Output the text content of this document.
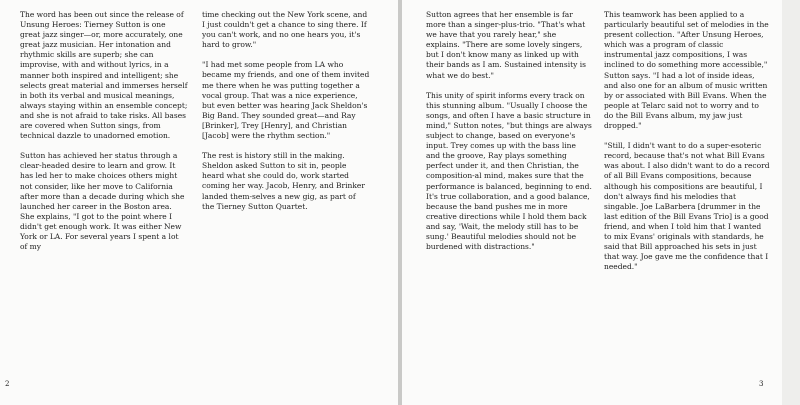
The word has been out since the release of Unsung Heroes: Tierney Sutton is one great jazz singer—or, more accurately, one great jazz musician. Her intonation and rhythmic skills are superb; she can improvise, with and without lyrics, in a manner both inspired and intelligent; she selects great material and immerses herself in both its verbal and musical meanings, always staying within an ensemble concept; and she is not afraid to take risks. All bases are covered when Sutton sings, from technical dazzle to unadorned emotion.

Sutton has achieved her status through a clear-headed desire to learn and grow. It has led her to make choices others might not consider, like her move to California after more than a decade during which she launched her career in the Boston area. She explains, "I got to the point where I didn't get enough work. It was either New York or LA. For several years I spent a lot of my

time checking out the New York scene, and I just couldn't get a chance to sing there. If you can't work, and no one hears you, it's hard to grow."

"I had met some people from LA who became my friends, and one of them invited me there when he was putting together a vocal group. That was a nice experience, but even better was hearing Jack Sheldon's Big Band. They sounded great—and Ray [Brinker], Trey [Henry], and Christian [Jacob] were the rhythm section."

The rest is history still in the making. Sheldon asked Sutton to sit in, people heard what she could do, work started coming her way. Jacob, Henry, and Brinker landed them-selves a new gig, as part of the Tierney Sutton Quartet.

2

Sutton agrees that her ensemble is far more than a singer-plus-trio. "That's what we have that you rarely hear," she explains. "There are some lovely singers, but I don't know many as linked up with their bands as I am. Sustained intensity is what we do best."

This unity of spirit informs every track on this stunning album. "Usually I choose the songs, and often I have a basic structure in mind," Sutton notes, "but things are always subject to change, based on everyone's input. Trey comes up with the bass line and the groove, Ray plays something perfect under it, and then Christian, the composition-al mind, makes sure that the performance is balanced, beginning to end. It's true collaboration, and a good balance, because the band pushes me in more creative directions while I hold them back and say, 'Wait, the melody still has to be sung.' Beautiful melodies should not be burdened with distractions."

This teamwork has been applied to a particularly beautiful set of melodies in the present collection. "After Unsung Heroes, which was a program of classic instrumental jazz compositions, I was inclined to do something more accessible," Sutton says. "I had a lot of inside ideas, and also one for an album of music written by or associated with Bill Evans. When the people at Telarc said not to worry and to do the Bill Evans album, my jaw just dropped."

"Still, I didn't want to do a super-esoteric record, because that's not what Bill Evans was about. I also didn't want to do a record of all Bill Evans compositions, because although his compositions are beautiful, I don't always find his melodies that singable. Joe LaBarbera [drummer in the last edition of the Bill Evans Trio] is a good friend, and when I told him that I wanted to mix Evans' originals with standards, he said that Bill approached his sets in just that way. Joe gave me the confidence that I needed."

3
